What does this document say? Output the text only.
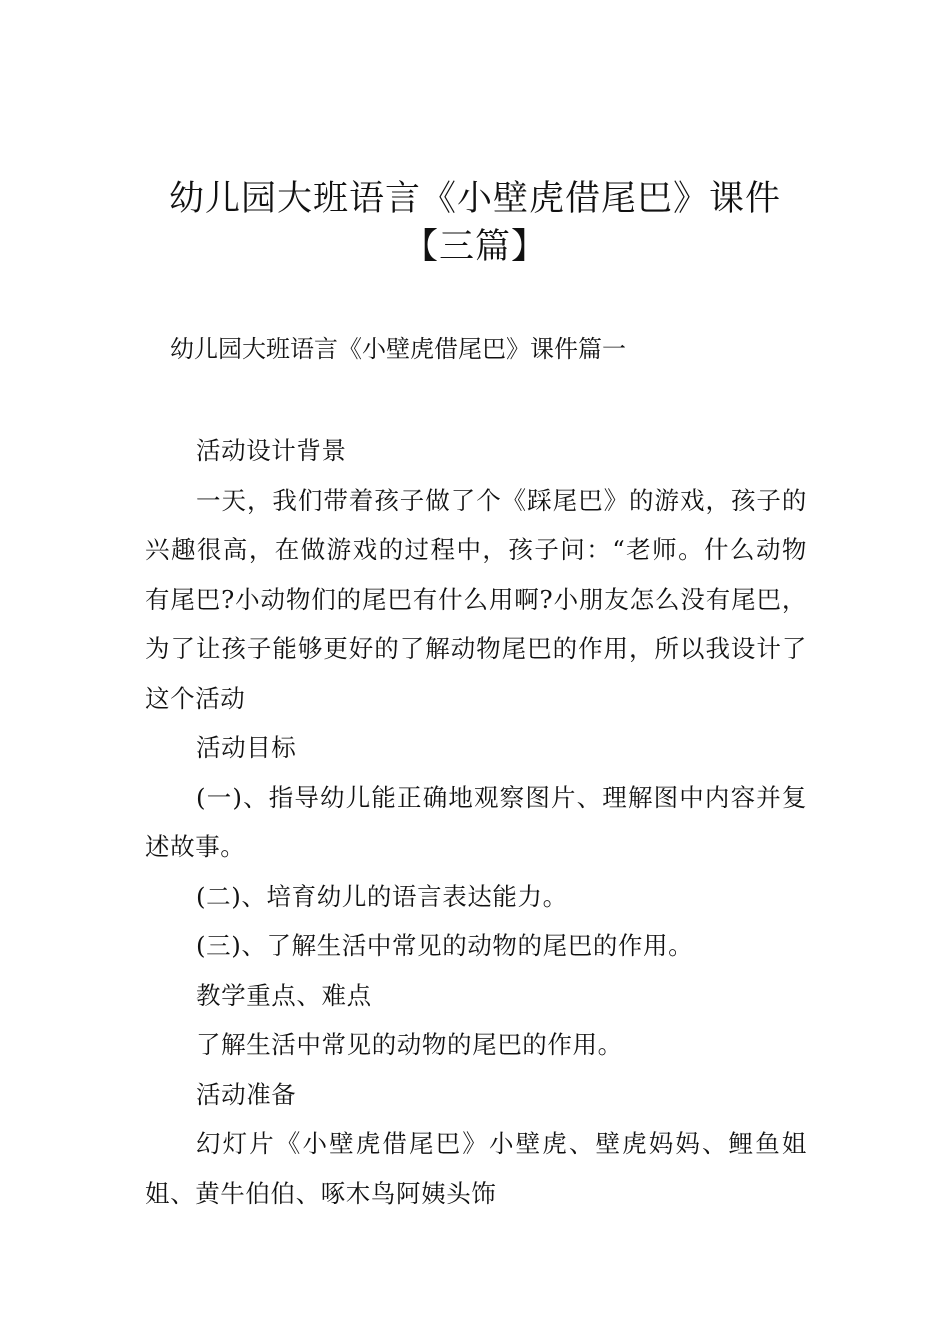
幼儿园大班语言《小壁虎借尾巴》课件
【三篇】
幼儿园大班语言《小壁虎借尾巴》课件篇一

活动设计背景

一天，我们带着孩子做了个《踩尾巴》的游戏，孩子的兴趣很高，在做游戏的过程中，孩子问：“老师。什么动物有尾巴?小动物们的尾巴有什么用啊?小朋友怎么没有尾巴，为了让孩子能够更好的了解动物尾巴的作用，所以我设计了这个活动

活动目标

(一)、指导幼儿能正确地观察图片、理解图中内容并复述故事。

(二)、培育幼儿的语言表达能力。

(三)、了解生活中常见的动物的尾巴的作用。

教学重点、难点

了解生活中常见的动物的尾巴的作用。

活动准备

幻灯片《小壁虎借尾巴》小壁虎、壁虎妈妈、鲤鱼姐姐、黄牛伯伯、啄木鸟阿姨头饰
